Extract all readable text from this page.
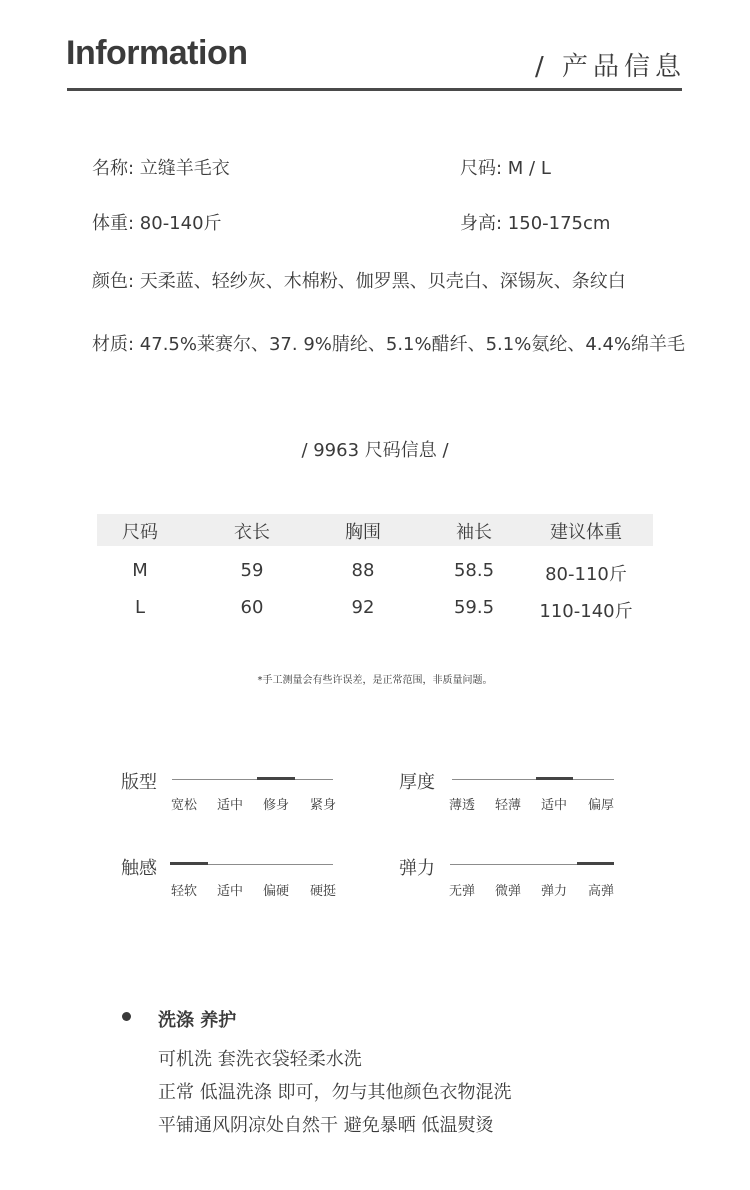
Information	/ 产品信息
名称: 立缝羊毛衣	尺码: M / L
体重: 80-140斤	身高: 150-175cm
颜色: 天柔蓝、轻纱灰、木棉粉、伽罗黑、贝壳白、深锡灰、条纹白
材质: 47.5%莱赛尔、37. 9%腈纶、5.1%醋纤、5.1%氨纶、4.4%绵羊毛
/ 9963 尺码信息 /
尺码	衣长	胸围	袖长	建议体重
M	59	88	58.5	80-110斤
L	60	92	59.5	110-140斤
*手工测量会有些许误差，是正常范围，非质量问题。
版型
宽松	适中	修身	紧身
厚度
薄透	轻薄	适中	偏厚
触感
轻软	适中	偏硬	硬挺
弹力
无弹	微弹	弹力	高弹
洗涤 养护
可机洗 套洗衣袋轻柔水洗
正常 低温洗涤 即可，勿与其他颜色衣物混洗
平铺通风阴凉处自然干 避免暴晒 低温熨烫
